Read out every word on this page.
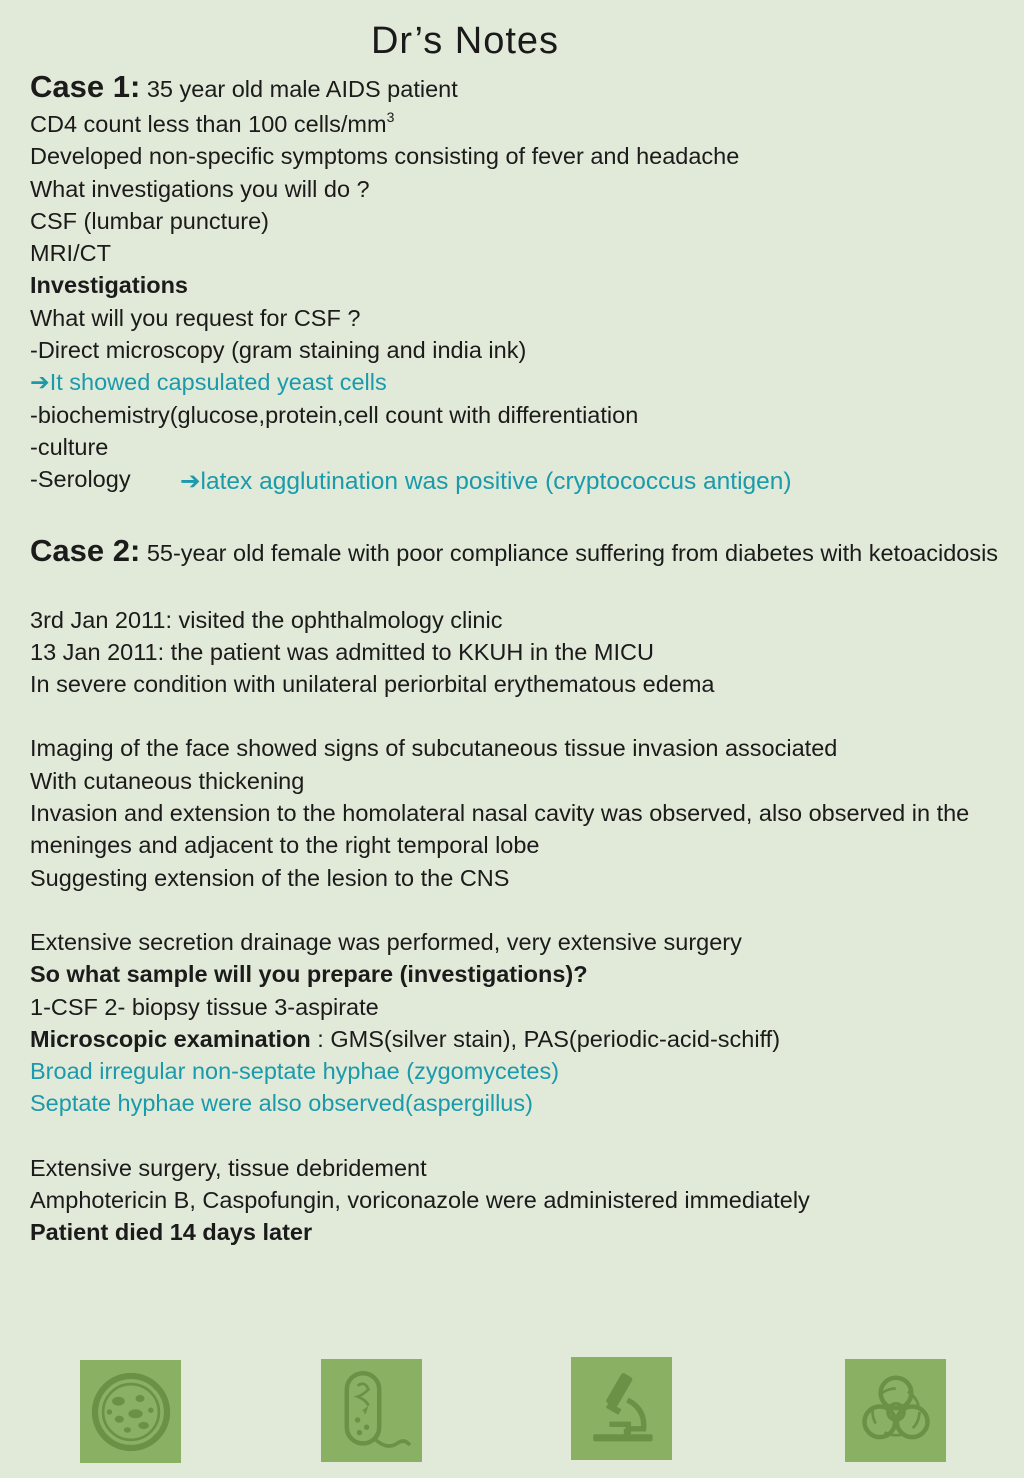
Dr’s Notes
Case 1: 35 year old male AIDS patient
CD4 count less than 100 cells/$mm^3$
Developed non-specific symptoms consisting of fever and headache
What investigations you will do ?
CSF (lumbar puncture)
MRI/CT
Investigations
What will you request for CSF ?
-Direct microscopy (gram staining and india ink)
➔It showed capsulated yeast cells
-biochemistry(glucose,protein,cell count with differentiation
-culture
-Serology ➔latex agglutination was positive (cryptococcus antigen)
Case 2: 55-year old female with poor compliance suffering from diabetes with ketoacidosis
3rd Jan 2011: visited the ophthalmology clinic
13 Jan 2011: the patient was admitted to KKUH in the MICU
In severe condition with unilateral periorbital erythematous edema
Imaging of the face showed signs of subcutaneous tissue invasion associated
With cutaneous thickening
Invasion and extension to the homolateral nasal cavity was observed, also observed in the meninges and adjacent to the right temporal lobe
Suggesting extension of the lesion to the CNS
Extensive secretion drainage was performed, very extensive surgery
So what sample will you prepare (investigations)?
1-CSF 2- biopsy tissue 3-aspirate
Microscopic examination : GMS(silver stain), PAS(periodic-acid-schiff)
Broad irregular non-septate hyphae (zygomycetes)
Septate hyphae were also observed(aspergillus)
Extensive surgery, tissue debridement
Amphotericin B, Caspofungin, voriconazole were administered immediately
Patient died 14 days later
